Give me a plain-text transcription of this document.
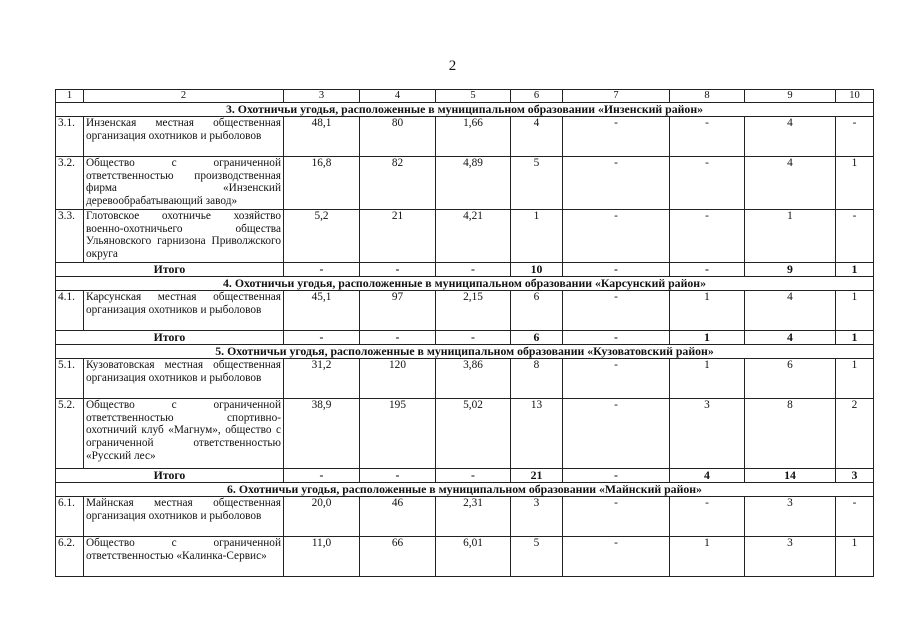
2
1	2	3	4	5	6	7	8	9	10
3. Охотничьи угодья, расположенные в муниципальном образовании «Инзенский район»									
3.1.	Инзенская местная общественная организация охотников и рыболовов	48,1	80	1,66	4	-	-	4	-
3.2.	Общество с ограниченной ответственностью производственная фирма «Инзенский деревообрабатывающий завод»	16,8	82	4,89	5	-	-	4	1
3.3.	Глотовское охотничье хозяйство военно-охотничьего общества Ульяновского гарнизона Приволжского округа	5,2	21	4,21	1	-	-	1	-
Итого		-	-	-	10	-	-	9	1
4. Охотничьи угодья, расположенные в муниципальном образовании «Карсунский район»									
4.1.	Карсунская местная общественная организация охотников и рыболовов	45,1	97	2,15	6	-	1	4	1
Итого		-	-	-	6	-	1	4	1
5. Охотничьи угодья, расположенные в муниципальном образовании «Кузоватовский район»									
5.1.	Кузоватовская местная общественная организация охотников и рыболовов	31,2	120	3,86	8	-	1	6	1
5.2.	Общество с ограниченной ответственностью спортивно-охотничий клуб «Магнум», общество с ограниченной ответственностью «Русский лес»	38,9	195	5,02	13	-	3	8	2
Итого		-	-	-	21	-	4	14	3
6. Охотничьи угодья, расположенные в муниципальном образовании «Майнский район»									
6.1.	Майнская местная общественная организация охотников и рыболовов	20,0	46	2,31	3	-	-	3	-
6.2.	Общество с ограниченной ответственностью «Калинка-Сервис»	11,0	66	6,01	5	-	1	3	1
